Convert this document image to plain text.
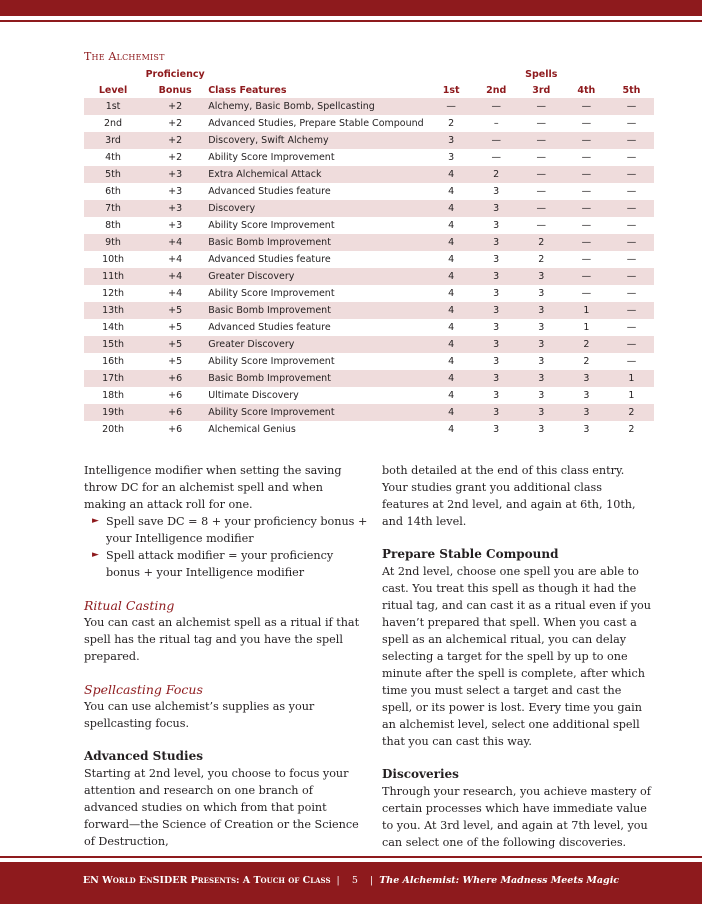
The Alchemist
	Proficiency				Spells		
Level	Bonus	Class Features	1st	2nd	3rd	4th	5th
1st	+2	Alchemy, Basic Bomb, Spellcasting	—	—	—	—	—
2nd	+2	Advanced Studies, Prepare Stable Compound	2	–	—	—	—
3rd	+2	Discovery, Swift Alchemy	3	—	—	—	—
4th	+2	Ability Score Improvement	3	—	—	—	—
5th	+3	Extra Alchemical Attack	4	2	—	—	—
6th	+3	Advanced Studies feature	4	3	—	—	—
7th	+3	Discovery	4	3	—	—	—
8th	+3	Ability Score Improvement	4	3	—	—	—
9th	+4	Basic Bomb Improvement	4	3	2	—	—
10th	+4	Advanced Studies feature	4	3	2	—	—
11th	+4	Greater Discovery	4	3	3	—	—
12th	+4	Ability Score Improvement	4	3	3	—	—
13th	+5	Basic Bomb Improvement	4	3	3	1	—
14th	+5	Advanced Studies feature	4	3	3	1	—
15th	+5	Greater Discovery	4	3	3	2	—
16th	+5	Ability Score Improvement	4	3	3	2	—
17th	+6	Basic Bomb Improvement	4	3	3	3	1
18th	+6	Ultimate Discovery	4	3	3	3	1
19th	+6	Ability Score Improvement	4	3	3	3	2
20th	+6	Alchemical Genius	4	3	3	3	2

Intelligence modifier when setting the saving throw DC for an alchemist spell and when making an attack roll for one.

► Spell save DC = 8 + your proficiency bonus + your Intelligence modifier
► Spell attack modifier = your proficiency bonus + your Intelligence modifier

Ritual Casting

You can cast an alchemist spell as a ritual if that spell has the ritual tag and you have the spell prepared.

Spellcasting Focus

You can use alchemist’s supplies as your spellcasting focus.

Advanced Studies

Starting at 2nd level, you choose to focus your attention and research on one branch of advanced studies on which from that point forward—the Science of Creation or the Science of Destruction,

both detailed at the end of this class entry. Your studies grant you additional class features at 2nd level, and again at 6th, 10th, and 14th level.

Prepare Stable Compound

At 2nd level, choose one spell you are able to cast. You treat this spell as though it had the ritual tag, and can cast it as a ritual even if you haven’t prepared that spell. When you cast a spell as an alchemical ritual, you can delay selecting a target for the spell by up to one minute after the spell is complete, after which time you must select a target and cast the spell, or its power is lost. Every time you gain an alchemist level, select one additional spell that you can cast this way.

Discoveries

Through your research, you achieve mastery of certain processes which have immediate value to you. At 3rd level, and again at 7th level, you can select one of the following discoveries.

EN World EnSIDER Presents: A Touch of Class  |    5    |  The Alchemist: Where Madness Meets Magic
